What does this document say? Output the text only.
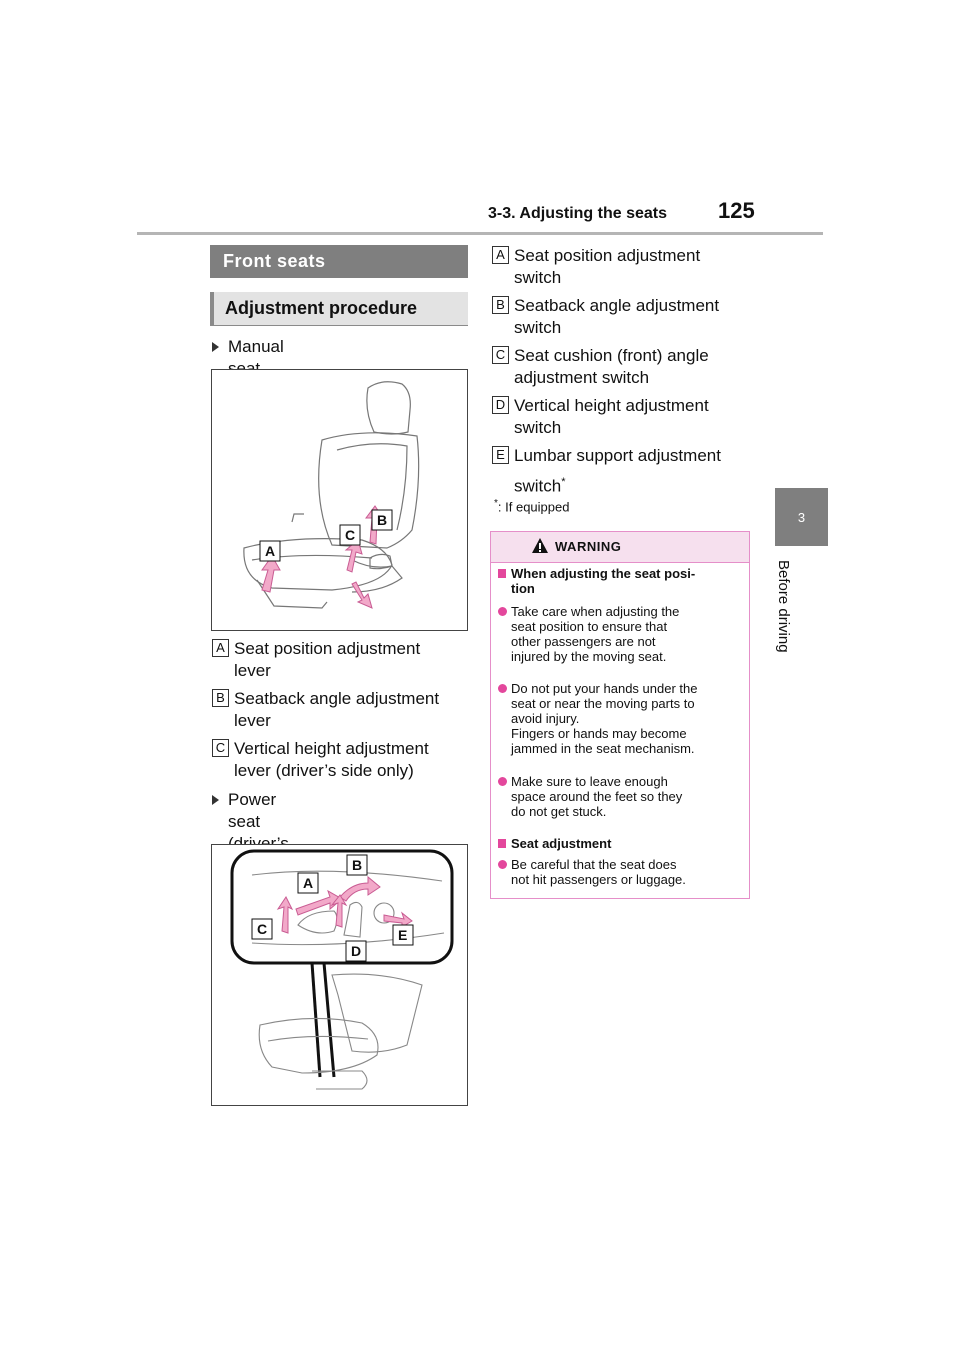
3-3. Adjusting the seats 125
3
Before driving
Front seats
Adjustment procedure
Manual
A
C
B
A Seat position adjustment
lever
B Seatback angle adjustment
lever
C Vertical height adjustment
lever (driver’s side only)
Power seat
A
B
C
D
E
A Seat position adjustment
switch
B Seatback angle adjustment
switch
C Seat cushion (front) angle
adjustment switch
D Vertical height adjustment
switch
E Lumbar support adjustment
switch*
*: If equipped
WARNING
When adjusting the seat posi-
tion
Take care when adjusting the
seat position to ensure that
other passengers are not
injured by the moving seat.
Do not put your hands under the
seat or near the moving parts to
avoid injury.
Fingers or hands may become
jammed in the seat mechanism.
Make sure to leave enough
space around the feet so they
do not get stuck.
Seat adjustment
Be careful that the seat does
not hit passengers or luggage.
